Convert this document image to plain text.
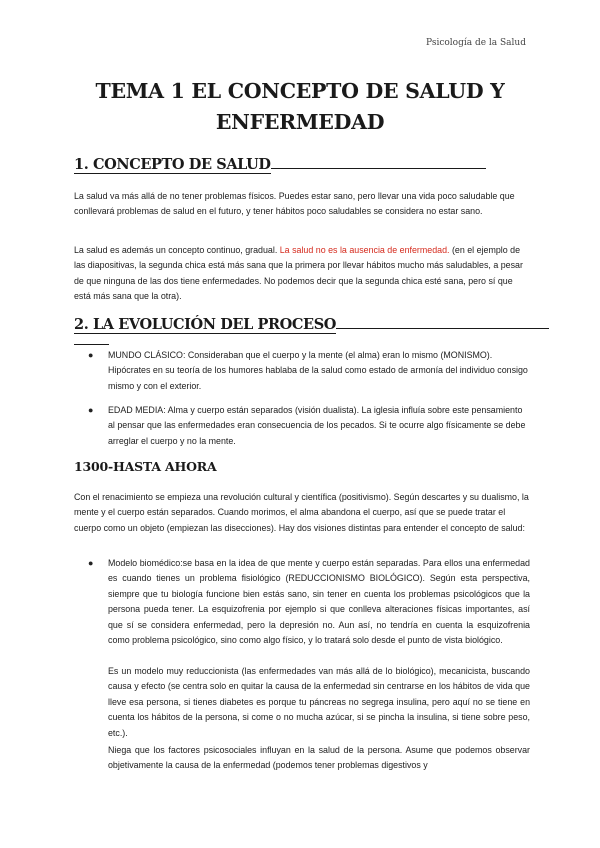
Psicología de la Salud
TEMA 1 EL CONCEPTO DE SALUD Y
ENFERMEDAD
1. CONCEPTO DE SALUD

La salud va más allá de no tener problemas físicos. Puedes estar sano, pero llevar una vida poco saludable que conllevará problemas de salud en el futuro, y tener hábitos poco saludables se considera no estar sano.

La salud es además un concepto continuo, gradual. La salud no es la ausencia de enfermedad. (en el ejemplo de las diapositivas, la segunda chica está más sana que la primera por llevar hábitos mucho más saludables, a pesar de que ninguna de las dos tiene enfermedades. No podemos decir que la segunda chica esté sana, pero sí que está más sana que la otra).

2. LA EVOLUCIÓN DEL PROCESO
● MUNDO CLÁSICO: Consideraban que el cuerpo y la mente (el alma) eran lo mismo (MONISMO). Hipócrates en su teoría de los humores hablaba de la salud como estado de armonía del individuo consigo mismo y con el exterior.

● EDAD MEDIA: Alma y cuerpo están separados (visión dualista). La iglesia influía sobre este pensamiento al pensar que las enfermedades eran consecuencia de los pecados. Si te ocurre algo físicamente se debe arreglar el cuerpo y no la mente.

1300-HASTA AHORA

Con el renacimiento se empieza una revolución cultural y científica (positivismo). Según descartes y su dualismo, la mente y el cuerpo están separados. Cuando morimos, el alma abandona el cuerpo, así que se puede tratar el cuerpo como un objeto (empiezan las disecciones). Hay dos visiones distintas para entender el concepto de salud:

● Modelo biomédico:se basa en la idea de que mente y cuerpo están separadas. Para ellos una enfermedad es cuando tienes un problema fisiológico (REDUCCIONISMO BIOLÓGICO). Según esta perspectiva, siempre que tu biología funcione bien estás sano, sin tener en cuenta los problemas psicológicos que la persona pueda tener. La esquizofrenia por ejemplo si que conlleva alteraciones físicas importantes, así que sí se considera enfermedad, pero la depresión no. Aun así, no tendría en cuenta la esquizofrenia como problema psicológico, sino como algo físico, y lo tratará solo desde el punto de vista biológico.

Es un modelo muy reduccionista (las enfermedades van más allá de lo biológico), mecanicista, buscando causa y efecto (se centra solo en quitar la causa de la enfermedad sin centrarse en los hábitos de vida que lleve esa persona, si tienes diabetes es porque tu páncreas no segrega insulina, pero aquí no se tiene en cuenta los hábitos de la persona, si come o no mucha azúcar, si se pincha la insulina, si tiene sobre peso, etc.).

Niega que los factores psicosociales influyan en la salud de la persona. Asume que podemos observar objetivamente la causa de la enfermedad (podemos tener problemas digestivos y
